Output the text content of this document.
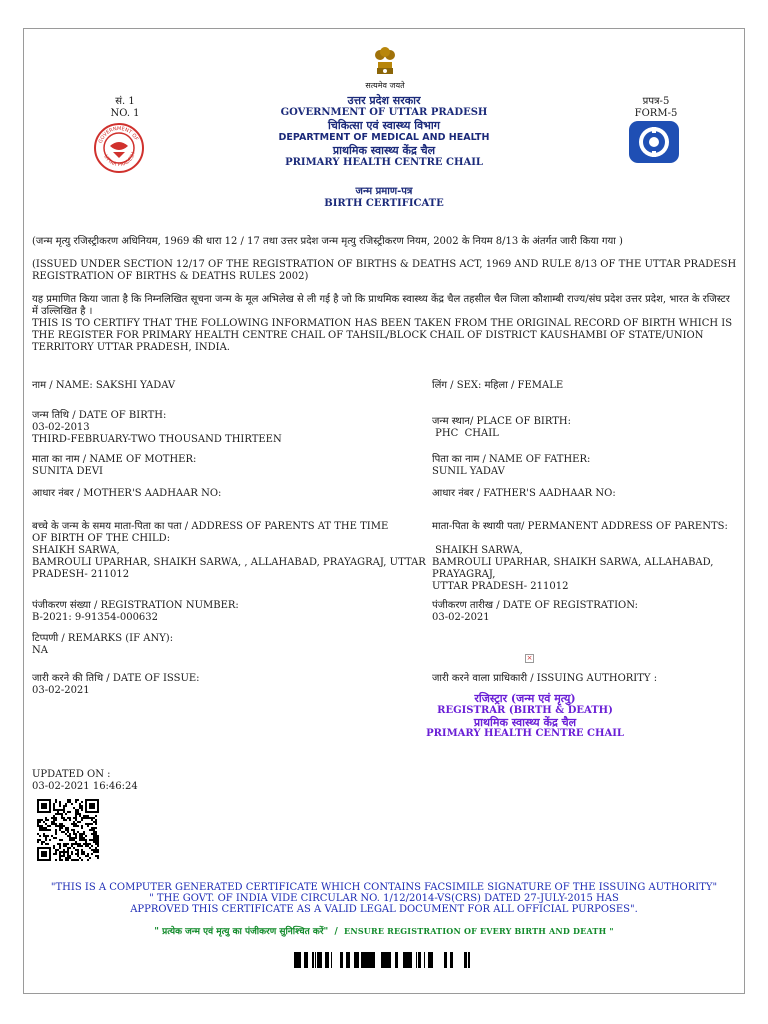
सत्यमेव जयते
सं. 1
NO. 1
GOVERNMENT OF
UTTAR PRADESH
उत्तर प्रदेश सरकार
GOVERNMENT OF UTTAR PRADESH
चिकित्सा एवं स्वास्थ्य विभाग
DEPARTMENT OF MEDICAL AND HEALTH
प्राथमिक स्वास्थ्य केंद्र चैल
PRIMARY HEALTH CENTRE CHAIL
प्रपत्र-5
FORM-5
जन्म प्रमाण-पत्र
BIRTH CERTIFICATE
(जन्म मृत्यु रजिस्ट्रीकरण अधिनियम, 1969 की धारा 12 / 17 तथा उत्तर प्रदेश जन्म मृत्यु रजिस्ट्रीकरण नियम, 2002 के नियम 8/13 के अंतर्गत जारी किया गया )
(ISSUED UNDER SECTION 12/17 OF THE REGISTRATION OF BIRTHS & DEATHS ACT, 1969 AND RULE 8/13 OF THE UTTAR PRADESH REGISTRATION OF BIRTHS & DEATHS RULES 2002)
यह प्रमाणित किया जाता है कि निम्नलिखित सूचना जन्म के मूल अभिलेख से ली गई है जो कि प्राथमिक स्वास्थ्य केंद्र चैल तहसील चैल जिला कौशाम्बी राज्य/संघ प्रदेश उत्तर प्रदेश, भारत के रजिस्टर में उल्लिखित है ।
THIS IS TO CERTIFY THAT THE FOLLOWING INFORMATION HAS BEEN TAKEN FROM THE ORIGINAL RECORD OF BIRTH WHICH IS THE REGISTER FOR PRIMARY HEALTH CENTRE CHAIL OF TAHSIL/BLOCK CHAIL OF DISTRICT KAUSHAMBI OF STATE/UNION TERRITORY UTTAR PRADESH, INDIA.
नाम / NAME: SAKSHI YADAV	लिंग / SEX: महिला / FEMALE
जन्म तिथि / DATE OF BIRTH:
03-02-2013
THIRD-FEBRUARY-TWO THOUSAND THIRTEEN
जन्म स्थान/ PLACE OF BIRTH:
PHC  CHAIL
माता का नाम / NAME OF MOTHER:
SUNITA DEVI
पिता का नाम / NAME OF FATHER:
SUNIL YADAV
आधार नंबर / MOTHER'S AADHAAR NO:	आधार नंबर / FATHER'S AADHAAR NO:
बच्चे के जन्म के समय माता-पिता का पता / ADDRESS OF PARENTS AT THE TIME
OF BIRTH OF THE CHILD:
SHAIKH SARWA,
BAMROULI UPARHAR, SHAIKH SARWA, , ALLAHABAD, PRAYAGRAJ, UTTAR
PRADESH- 211012
माता-पिता के स्थायी पता/ PERMANENT ADDRESS OF PARENTS:
SHAIKH SARWA,
BAMROULI UPARHAR, SHAIKH SARWA, ALLAHABAD,
PRAYAGRAJ,
UTTAR PRADESH- 211012
पंजीकरण संख्या / REGISTRATION NUMBER:
B-2021: 9-91354-000632
पंजीकरण तारीख / DATE OF REGISTRATION:
03-02-2021
टिप्पणी / REMARKS (IF ANY):
NA
×
जारी करने की तिथि / DATE OF ISSUE:
03-02-2021
जारी करने वाला प्राधिकारी / ISSUING AUTHORITY :
रजिस्ट्रार (जन्म एवं मृत्यु)
REGISTRAR (BIRTH & DEATH)
प्राथमिक स्वास्थ्य केंद्र चैल
PRIMARY HEALTH CENTRE CHAIL
UPDATED ON :
03-02-2021 16:46:24
"THIS IS A COMPUTER GENERATED CERTIFICATE WHICH CONTAINS FACSIMILE SIGNATURE OF THE ISSUING AUTHORITY"
" THE GOVT. OF INDIA VIDE CIRCULAR NO. 1/12/2014-VS(CRS) DATED 27-JULY-2015 HAS
APPROVED THIS CERTIFICATE AS A VALID LEGAL DOCUMENT FOR ALL OFFICIAL PURPOSES".
" प्रत्येक जन्म एवं मृत्यु का पंजीकरण सुनिश्चित करें"  /  ENSURE REGISTRATION OF EVERY BIRTH AND DEATH "
